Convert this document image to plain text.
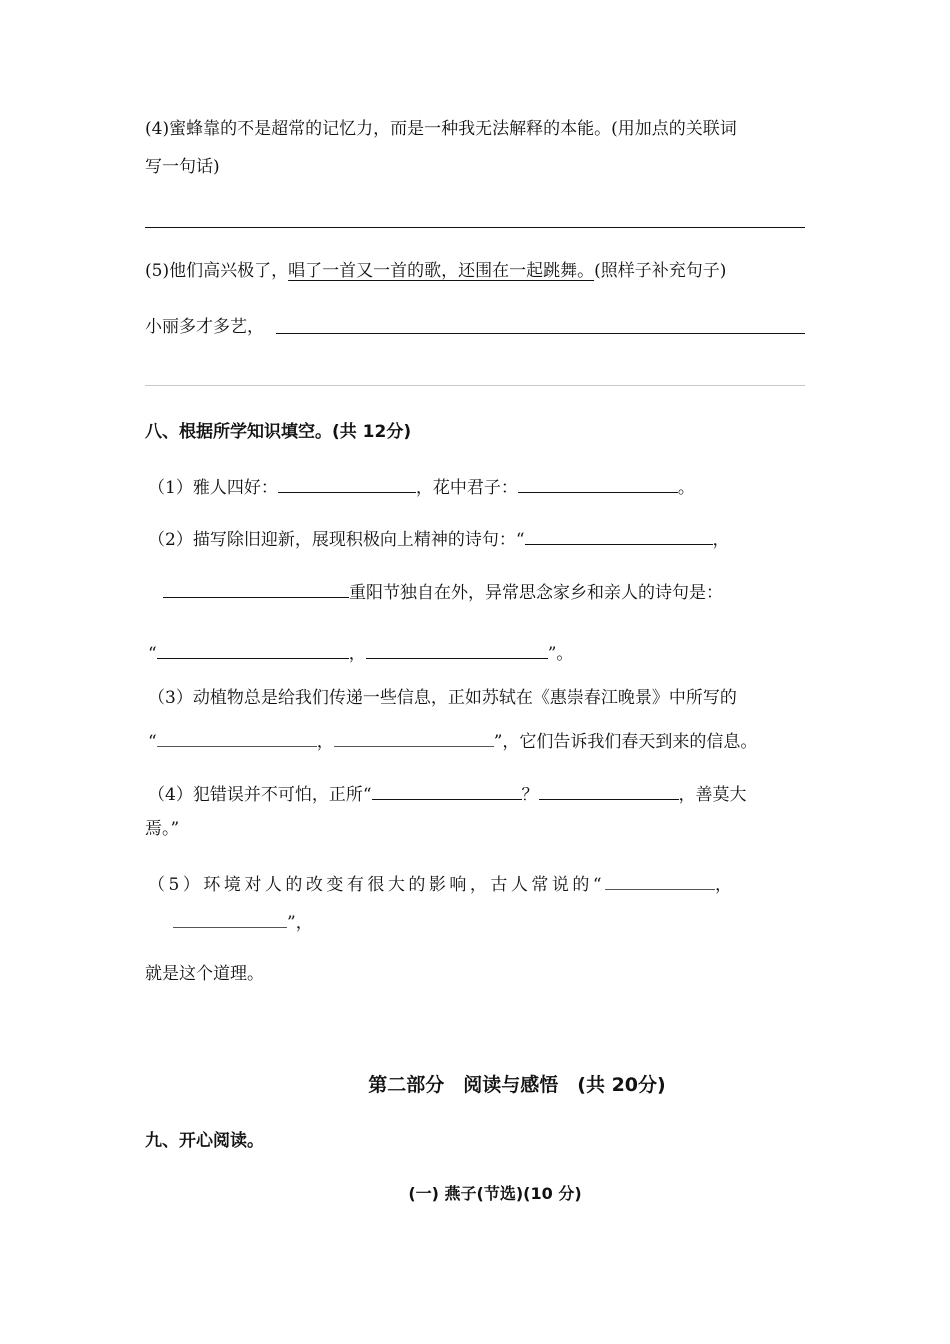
(4)蜜蜂靠的不是超常的记忆力，而是一种我无法解释的本能。(用加点的关联词
写一句话)
(5)他们高兴极了，唱了一首又一首的歌，还围在一起跳舞。(照样子补充句子)
小丽多才多艺，
八、根据所学知识填空。(共 12分)
（1）雅人四好：	，花中君子：	。
（2）描写除旧迎新，展现积极向上精神的诗句：“	，
重阳节独自在外，异常思念家乡和亲人的诗句是：
“	，	”。
（3）动植物总是给我们传递一些信息，正如苏轼在《惠崇春江晚景》中所写的
“	，	”，它们告诉我们春天到来的信息。
（4）犯错误并不可怕，正所“	？	，善莫大
焉。”
（5）环境对人的改变有很大的影响，古人常说的“	，
”，
就是这个道理。
第二部分　阅读与感悟　(共 20分)
九、开心阅读。
(一) 燕子(节选)(10 分)
